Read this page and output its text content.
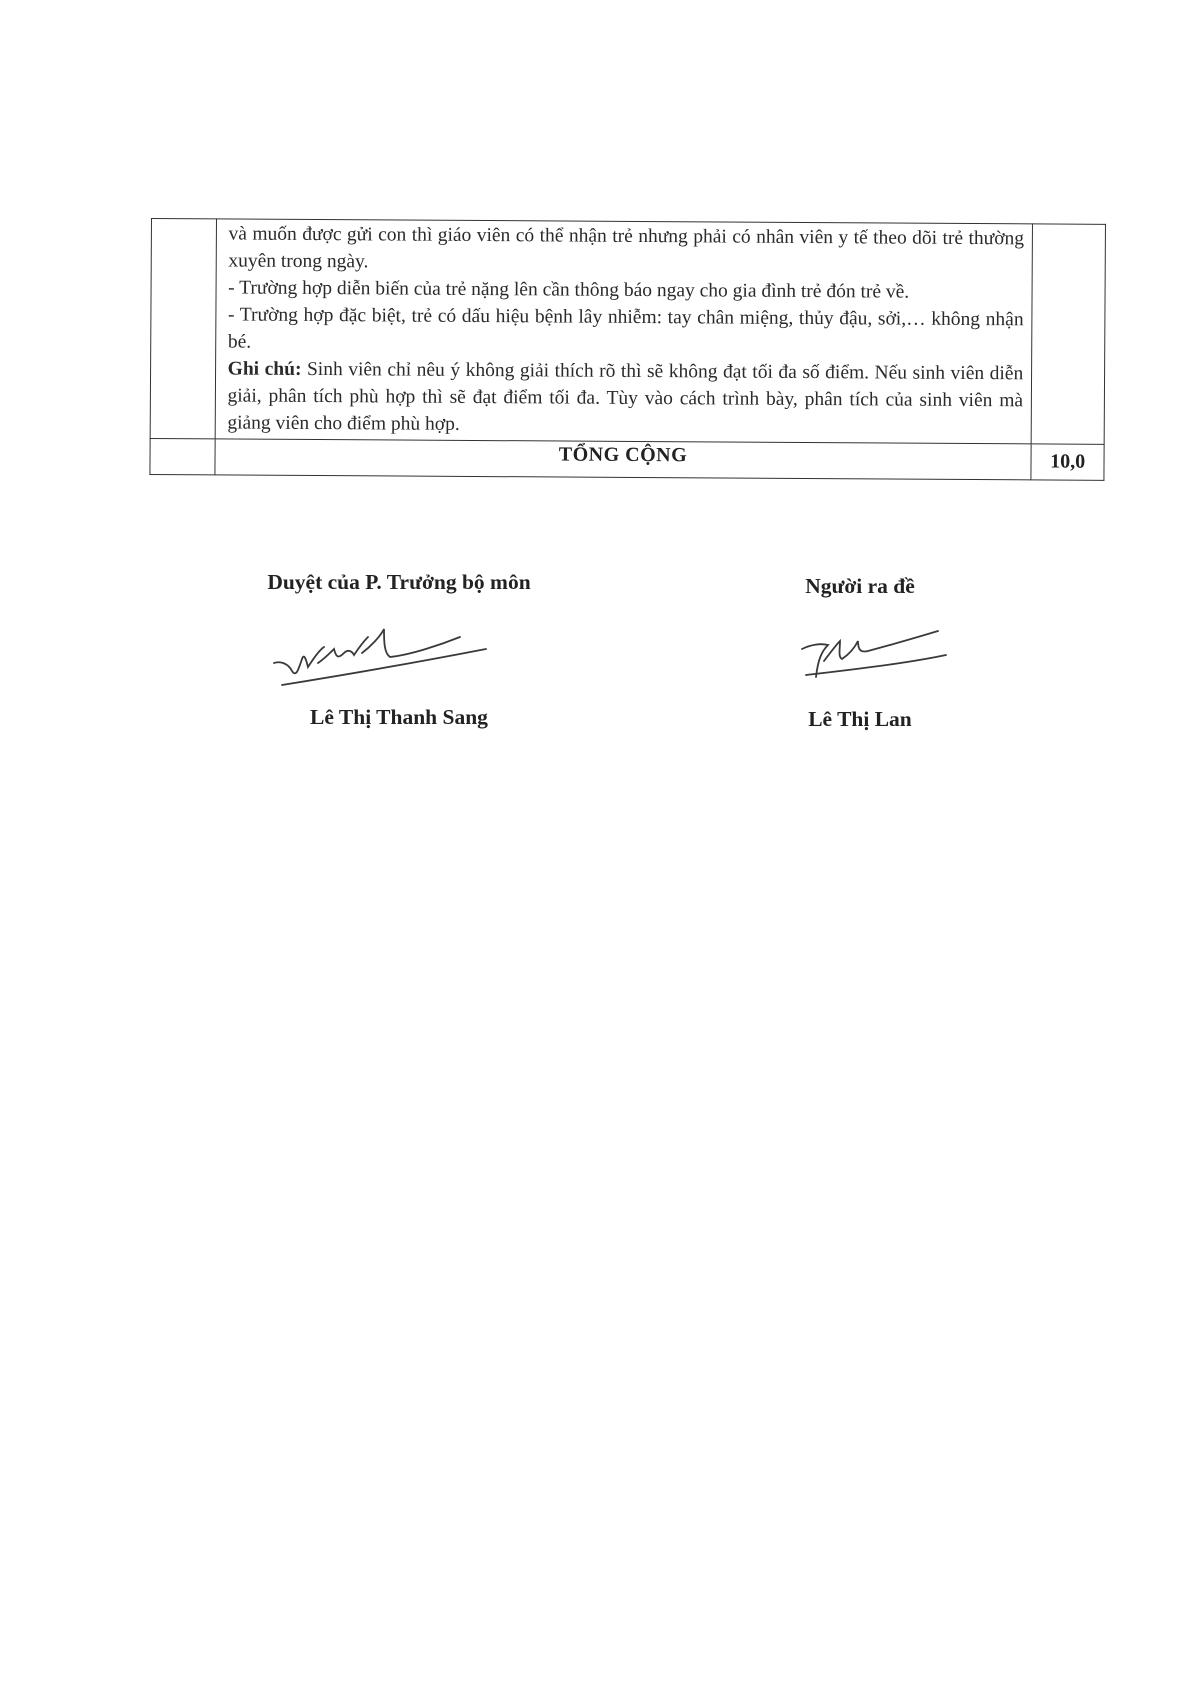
	và muốn được gửi con thì giáo viên có thể nhận trẻ nhưng phải có nhân viên y tế theo dõi trẻ thường xuyên trong ngày.

- Trường hợp diễn biến của trẻ nặng lên cần thông báo ngay cho gia đình trẻ đón trẻ về.

- Trường hợp đặc biệt, trẻ có dấu hiệu bệnh lây nhiễm: tay chân miệng, thủy đậu, sởi,… không nhận bé.

Ghi chú: Sinh viên chỉ nêu ý không giải thích rõ thì sẽ không đạt tối đa số điểm. Nếu sinh viên diễn giải, phân tích phù hợp thì sẽ đạt điểm tối đa. Tùy vào cách trình bày, phân tích của sinh viên mà giảng viên cho điểm phù hợp.	

	TỔNG CỘNG	10,0

Duyệt của P. Trưởng bộ môn

Lê Thị Thanh Sang

Người ra đề

Lê Thị Lan
